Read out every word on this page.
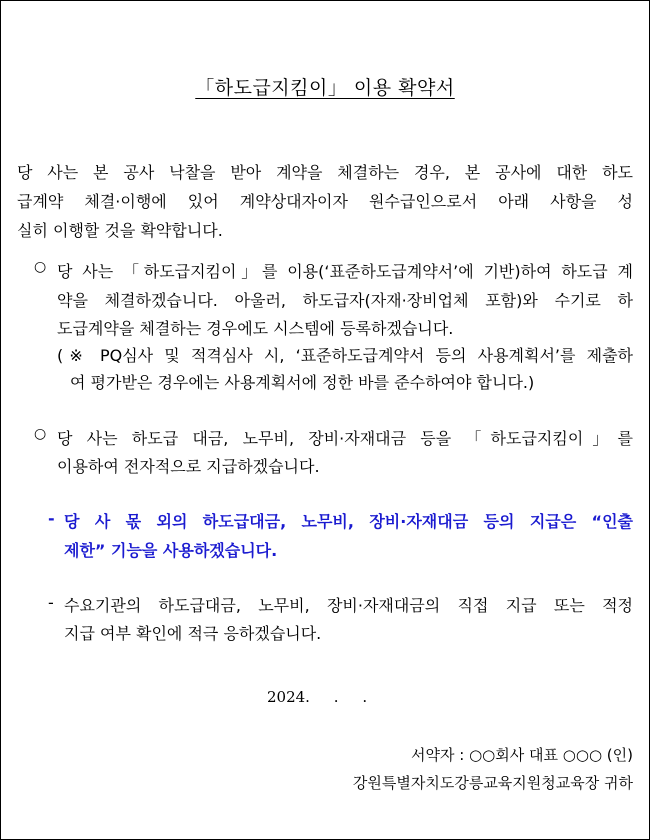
「하도급지킴이」 이용 확약서
당 사는 본 공사 낙찰을 받아 계약을 체결하는 경우, 본 공사에 대한 하도
급계약 체결·이행에 있어 계약상대자이자 원수급인으로서 아래 사항을 성
실히 이행할 것을 확약합니다.
○ 당 사는 「하도급지킴이」를 이용(‘표준하도급계약서’에 기반)하여 하도급 계
약을 체결하겠습니다. 아울러, 하도급자(자재·장비업체 포함)와 수기로 하
도급계약을 체결하는 경우에도 시스템에 등록하겠습니다.
(※ PQ심사 및 적격심사 시, ‘표준하도급계약서 등의 사용계획서’를 제출하
여 평가받은 경우에는 사용계획서에 정한 바를 준수하여야 합니다.)
○ 당 사는 하도급 대금, 노무비, 장비·자재대금 등을 「하도급지킴이」를
이용하여 전자적으로 지급하겠습니다.
- 당 사 몫 외의 하도급대금, 노무비, 장비·자재대금 등의 지급은 “인출
제한” 기능을 사용하겠습니다.
- 수요기관의 하도급대금, 노무비, 장비·자재대금의 직접 지급 또는 적정
지급 여부 확인에 적극 응하겠습니다.
2024.     .     .
서약자 : ○○회사 대표 ○○○ (인)
강원특별자치도강릉교육지원청교육장 귀하
